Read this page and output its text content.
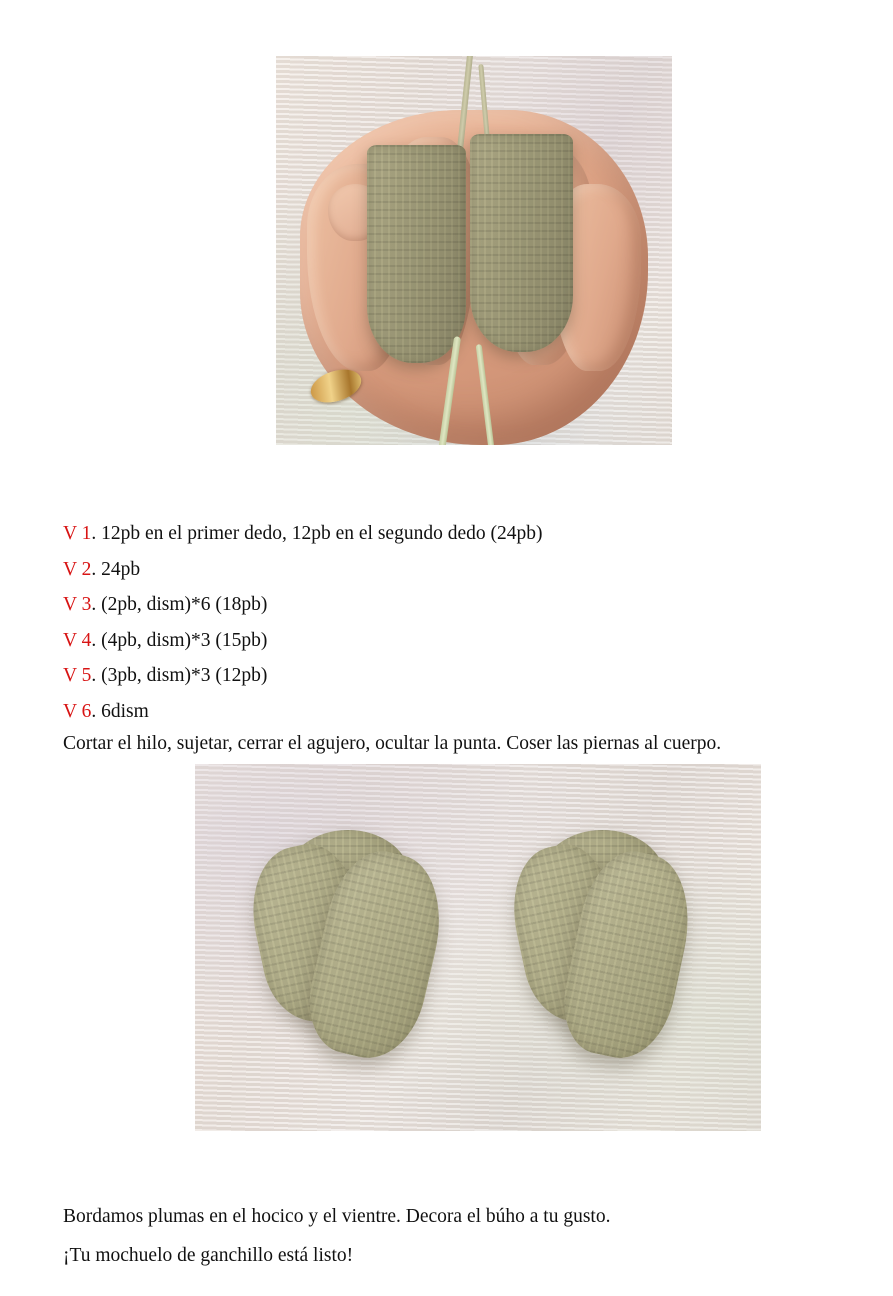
V 1. 12pb en el primer dedo, 12pb en el segundo dedo (24pb)
V 2. 24pb
V 3. (2pb, dism)*6 (18pb)
V 4. (4pb, dism)*3 (15pb)
V 5. (3pb, dism)*3 (12pb)
V 6. 6dism
Cortar el hilo, sujetar, cerrar el agujero, ocultar la punta. Coser las piernas al cuerpo.

Bordamos plumas en el hocico y el vientre. Decora el búho a tu gusto.

¡Tu mochuelo de ganchillo está listo!
